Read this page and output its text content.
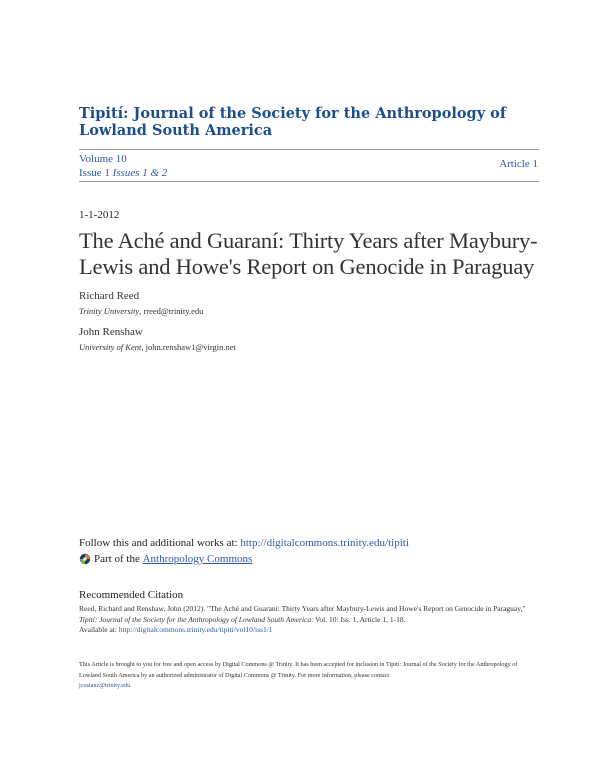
Tipití: Journal of the Society for the Anthropology of Lowland South America
Volume 10
Issue 1 Issues 1 & 2
Article 1
1-1-2012
The Aché and Guaraní: Thirty Years after Maybury-Lewis and Howe's Report on Genocide in Paraguay
Richard Reed
Trinity University, rreed@trinity.edu
John Renshaw
University of Kent, john.renshaw1@virgin.net
Follow this and additional works at: http://digitalcommons.trinity.edu/tipiti
Part of the
Anthropology Commons
Recommended Citation
Reed, Richard and Renshaw, John (2012). "The Aché and Guaraní: Thirty Years after Maybury-Lewis and Howe's Report on Genocide in Paraguay," Tipití: Journal of the Society for the Anthropology of Lowland South America: Vol. 10: Iss. 1, Article 1, 1-18.
Available at: http://digitalcommons.trinity.edu/tipiti/vol10/iss1/1
This Article is brought to you for free and open access by Digital Commons @ Trinity. It has been accepted for inclusion in Tipití: Journal of the Society for the Anthropology of Lowland South America by an authorized administrator of Digital Commons @ Trinity. For more information, please contact
jcostanz@trinity.edu.
